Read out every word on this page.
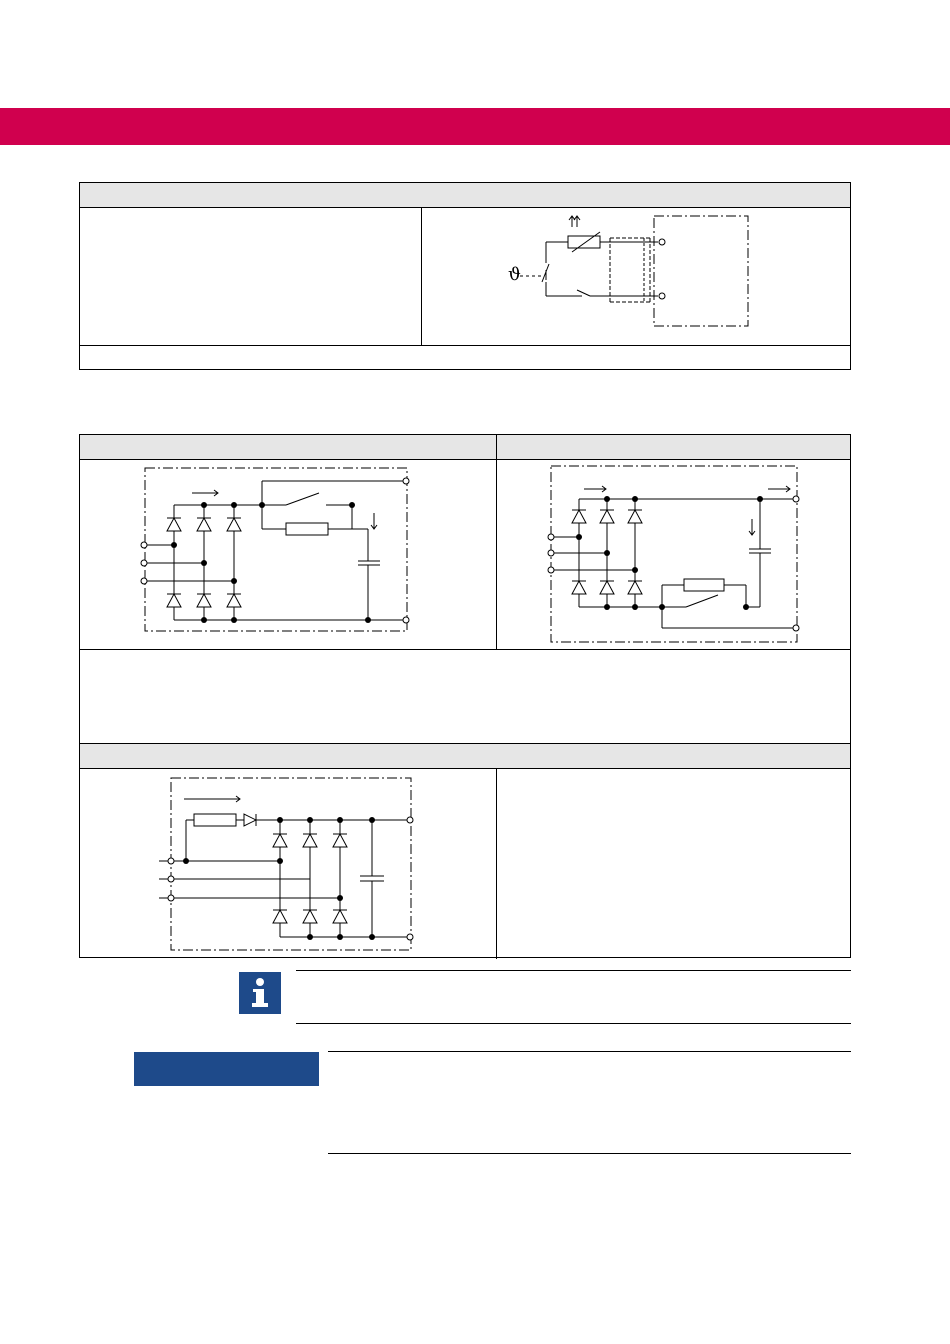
ϑ
